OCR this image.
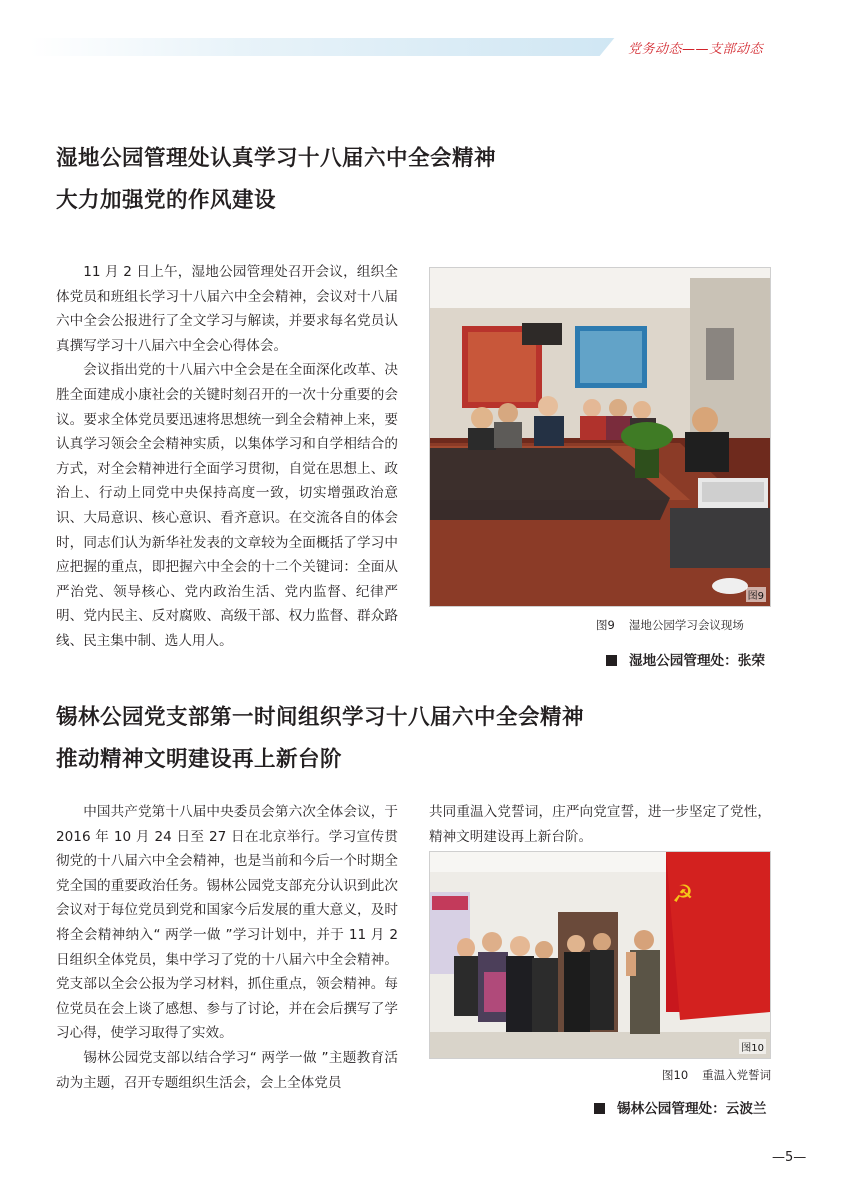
党务动态——支部动态
湿地公园管理处认真学习十八届六中全会精神
大力加强党的作风建设

11 月 2 日上午，湿地公园管理处召开会议，组织全体党员和班组长学习十八届六中全会精神，会议对十八届六中全会公报进行了全文学习与解读，并要求每名党员认真撰写学习十八届六中全会心得体会。

会议指出党的十八届六中全会是在全面深化改革、决胜全面建成小康社会的关键时刻召开的一次十分重要的会议。要求全体党员要迅速将思想统一到全会精神上来，要认真学习领会全会精神实质，以集体学习和自学相结合的方式，对全会精神进行全面学习贯彻，自觉在思想上、政治上、行动上同党中央保持高度一致，切实增强政治意识、大局意识、核心意识、看齐意识。在交流各自的体会时，同志们认为新华社发表的文章较为全面概括了学习中应把握的重点，即把握六中全会的十二个关键词：全面从严治党、领导核心、党内政治生活、党内监督、纪律严明、党内民主、反对腐败、高级干部、权力监督、群众路线、民主集中制、选人用人。

图9
图9 湿地公园学习会议现场
湿地公园管理处：张荣
锡林公园党支部第一时间组织学习十八届六中全会精神
推动精神文明建设再上新台阶

中国共产党第十八届中央委员会第六次全体会议，于 2016 年 10 月 24 日至 27 日在北京举行。学习宣传贯彻党的十八届六中全会精神，也是当前和今后一个时期全党全国的重要政治任务。锡林公园党支部充分认识到此次会议对于每位党员到党和国家今后发展的重大意义，及时将全会精神纳入“ 两学一做 ”学习计划中，并于 11 月 2 日组织全体党员，集中学习了党的十八届六中全会精神。党支部以全会公报为学习材料，抓住重点，领会精神。每位党员在会上谈了感想、参与了讨论，并在会后撰写了学习心得，使学习取得了实效。

锡林公园党支部以结合学习“ 两学一做 ”主题教育活动为主题，召开专题组织生活会，会上全体党员

共同重温入党誓词，庄严向党宣誓，进一步坚定了党性，精神文明建设再上新台阶。

☭
图10
图10 重温入党誓词
锡林公园管理处：云波兰
—5—
